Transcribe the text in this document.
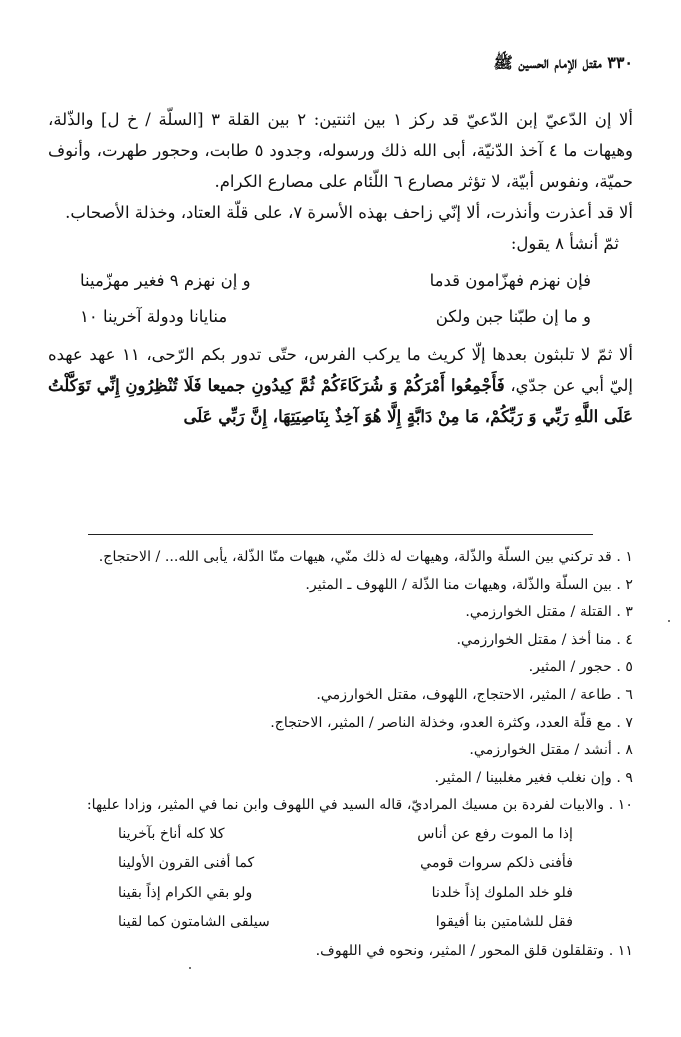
٣٣٠ مقتل الإمام الحسين ﷺ

ألا إن الدّعيّ إبن الدّعيّ قد ركز ١ بين اثنتين: ٢ بين القلة ٣ [السلّة / خ ل] والذّلة، وهيهات ما ٤ آخذ الدّنيّة، أبى الله ذلك ورسوله، وجدود ٥ طابت، وحجور طهرت، وأنوف حميّة، ونفوس أبيّة، لا تؤثر مصارع ٦ اللّئام على مصارع الكرام.

ألا قد أعذرت وأنذرت، ألا إنّي زاحف بهذه الأسرة ٧، على قلّة العتاد، وخذلة الأصحاب.

ثمّ أنشأ ٨ يقول:

فإن نهزم فهزّامون قدما
و إن نهزم ٩ فغير مهزّمينا
و ما إن طبّنا جبن ولكن
منايانا ودولة آخرينا ١٠

ألا ثمّ لا تلبثون بعدها إلّا كريث ما يركب الفرس، حتّى تدور بكم الرّحى، ١١ عهد عهده إليّ أبي عن جدّي، فَأَجْمِعُوا أَمْرَكُمْ وَ شُرَكَاءَكُمْ ثُمَّ كِيدُونِ جميعا فَلَا تُنْظِرُونِ إِنِّي تَوَكَّلْتُ عَلَى اللَّهِ رَبِّي وَ رَبِّكُمْ، مَا مِنْ دَابَّةٍ إِلَّا هُوَ آخِذٌ بِنَاصِيَتِهَا، إِنَّ رَبِّي عَلَى

١ . قد تركني بين السلّة والذّلة، وهيهات له ذلك منّي، هيهات منّا الذّلة، يأبى الله... / الاحتجاج.
٢ . بين السلّة والذّلة، وهيهات منا الذّلة / اللهوف ـ المثير.
٣ . القتلة / مقتل الخوارزمي.
٤ . منا أخذ / مقتل الخوارزمي.
٥ . حجور / المثير.
٦ . طاعة / المثير، الاحتجاج، اللهوف، مقتل الخوارزمي.
٧ . مع قلّة العدد، وكثرة العدو، وخذلة الناصر / المثير، الاحتجاج.
٨ . أنشد / مقتل الخوارزمي.
٩ . وإن نغلب فغير مغلبينا / المثير.
١٠ . والابيات لفردة بن مسيك المراديّ، قاله السيد في اللهوف وابن نما في المثير، وزادا عليها:
إذا ما الموت رفع عن أناس
كلا كله أناخ بآخرينا
فأفنى ذلكم سروات قومي
كما أفنى القرون الأولينا
فلو خلد الملوك إذاً خلدنا
ولو بقي الكرام إذاً بقينا
فقل للشامتين بنا أفيقوا
سيلقى الشامتون كما لقينا
١١ . وتقلقلون قلق المحور / المثير، ونحوه في اللهوف.
